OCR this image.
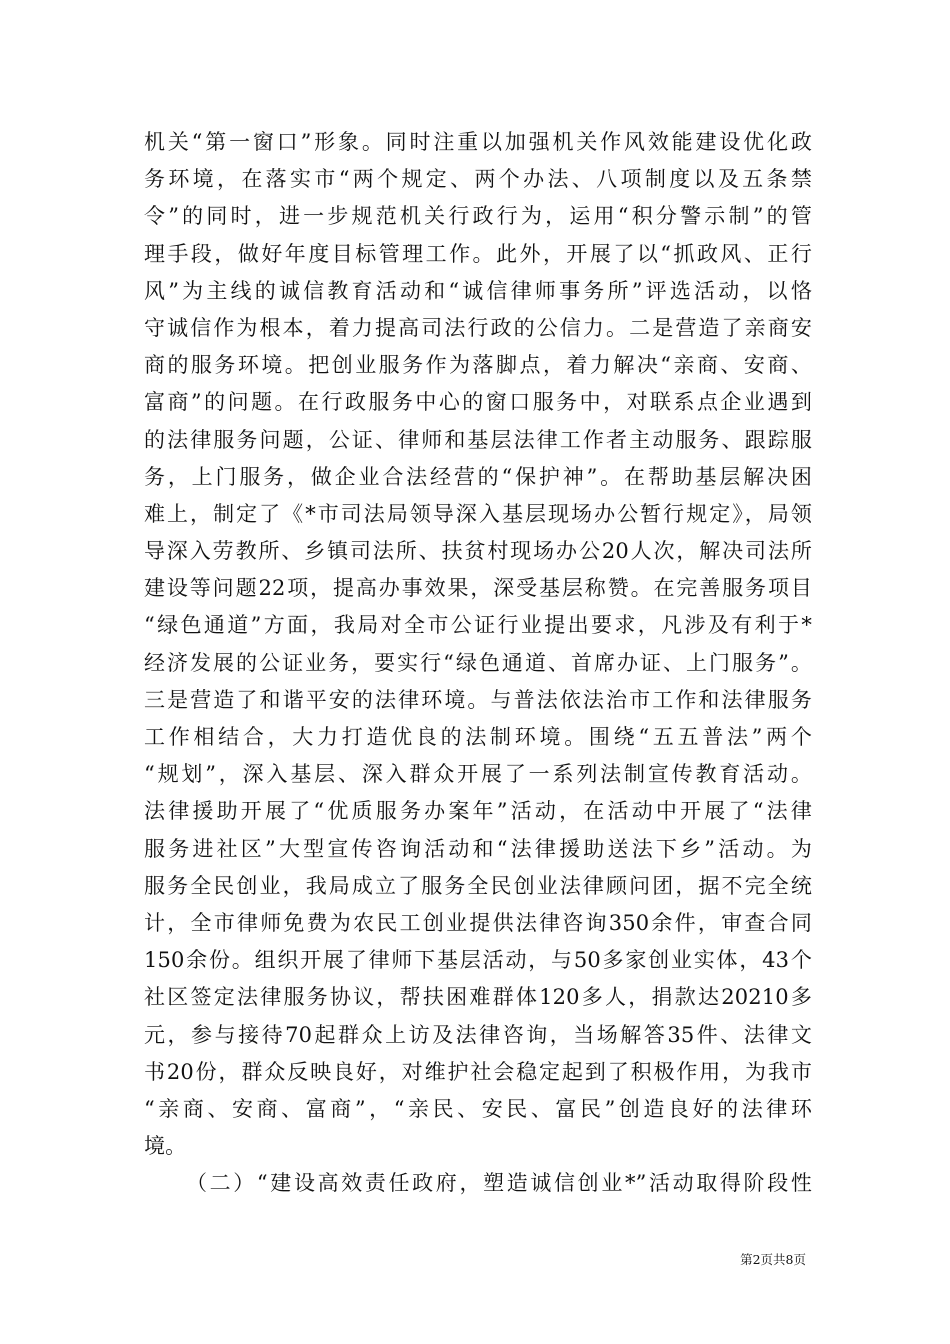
机关“第一窗口”形象。同时注重以加强机关作风效能建设优化政
务环境，在落实市“两个规定、两个办法、八项制度以及五条禁
令”的同时，进一步规范机关行政行为，运用“积分警示制”的管
理手段，做好年度目标管理工作。此外，开展了以“抓政风、正行
风”为主线的诚信教育活动和“诚信律师事务所”评选活动，以恪
守诚信作为根本，着力提高司法行政的公信力。二是营造了亲商安
商的服务环境。把创业服务作为落脚点，着力解决“亲商、安商、
富商”的问题。在行政服务中心的窗口服务中，对联系点企业遇到
的法律服务问题，公证、律师和基层法律工作者主动服务、跟踪服
务，上门服务，做企业合法经营的“保护神”。在帮助基层解决困
难上，制定了《*市司法局领导深入基层现场办公暂行规定》，局领
导深入劳教所、乡镇司法所、扶贫村现场办公20人次，解决司法所
建设等问题22项，提高办事效果，深受基层称赞。在完善服务项目
“绿色通道”方面，我局对全市公证行业提出要求，凡涉及有利于*
经济发展的公证业务，要实行“绿色通道、首席办证、上门服务”。
三是营造了和谐平安的法律环境。与普法依法治市工作和法律服务
工作相结合，大力打造优良的法制环境。围绕“五五普法”两个
“规划”，深入基层、深入群众开展了一系列法制宣传教育活动。
法律援助开展了“优质服务办案年”活动，在活动中开展了“法律
服务进社区”大型宣传咨询活动和“法律援助送法下乡”活动。为
服务全民创业，我局成立了服务全民创业法律顾问团，据不完全统
计，全市律师免费为农民工创业提供法律咨询350余件，审查合同
150余份。组织开展了律师下基层活动，与50多家创业实体，43个
社区签定法律服务协议，帮扶困难群体120多人，捐款达20210多
元，参与接待70起群众上访及法律咨询，当场解答35件、法律文
书20份，群众反映良好，对维护社会稳定起到了积极作用，为我市
“亲商、安商、富商”，“亲民、安民、富民”创造良好的法律环
境。
（二）“建设高效责任政府，塑造诚信创业*”活动取得阶段性
第2页共8页
